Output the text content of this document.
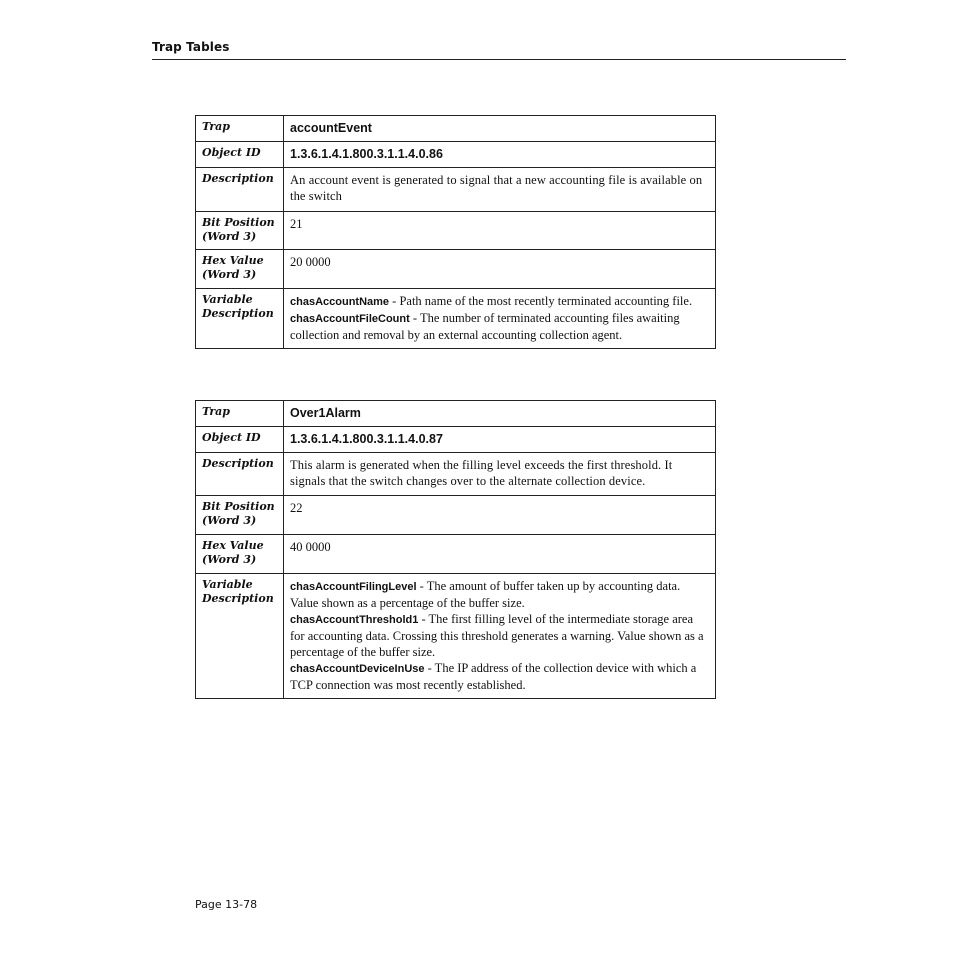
Trap Tables
Trap	accountEvent
Object ID	1.3.6.1.4.1.800.3.1.1.4.0.86
Description	An account event is generated to signal that a new accounting file is available on the switch
Bit Position (Word 3)	21
Hex Value (Word 3)	20 0000
Variable Description	chasAccountName - Path name of the most recently terminated accounting file.
chasAccountFileCount - The number of terminated accounting files awaiting collection and removal by an external accounting collection agent.
Trap	Over1Alarm
Object ID	1.3.6.1.4.1.800.3.1.1.4.0.87
Description	This alarm is generated when the filling level exceeds the first threshold. It signals that the switch changes over to the alternate collection device.
Bit Position (Word 3)	22
Hex Value (Word 3)	40 0000
Variable Description	chasAccountFilingLevel - The amount of buffer taken up by accounting data. Value shown as a percentage of the buffer size.
chasAccountThreshold1 - The first filling level of the intermediate storage area for accounting data. Crossing this threshold generates a warning. Value shown as a percentage of the buffer size.
chasAccountDeviceInUse - The IP address of the collection device with which a TCP connection was most recently established.
Page 13-78
